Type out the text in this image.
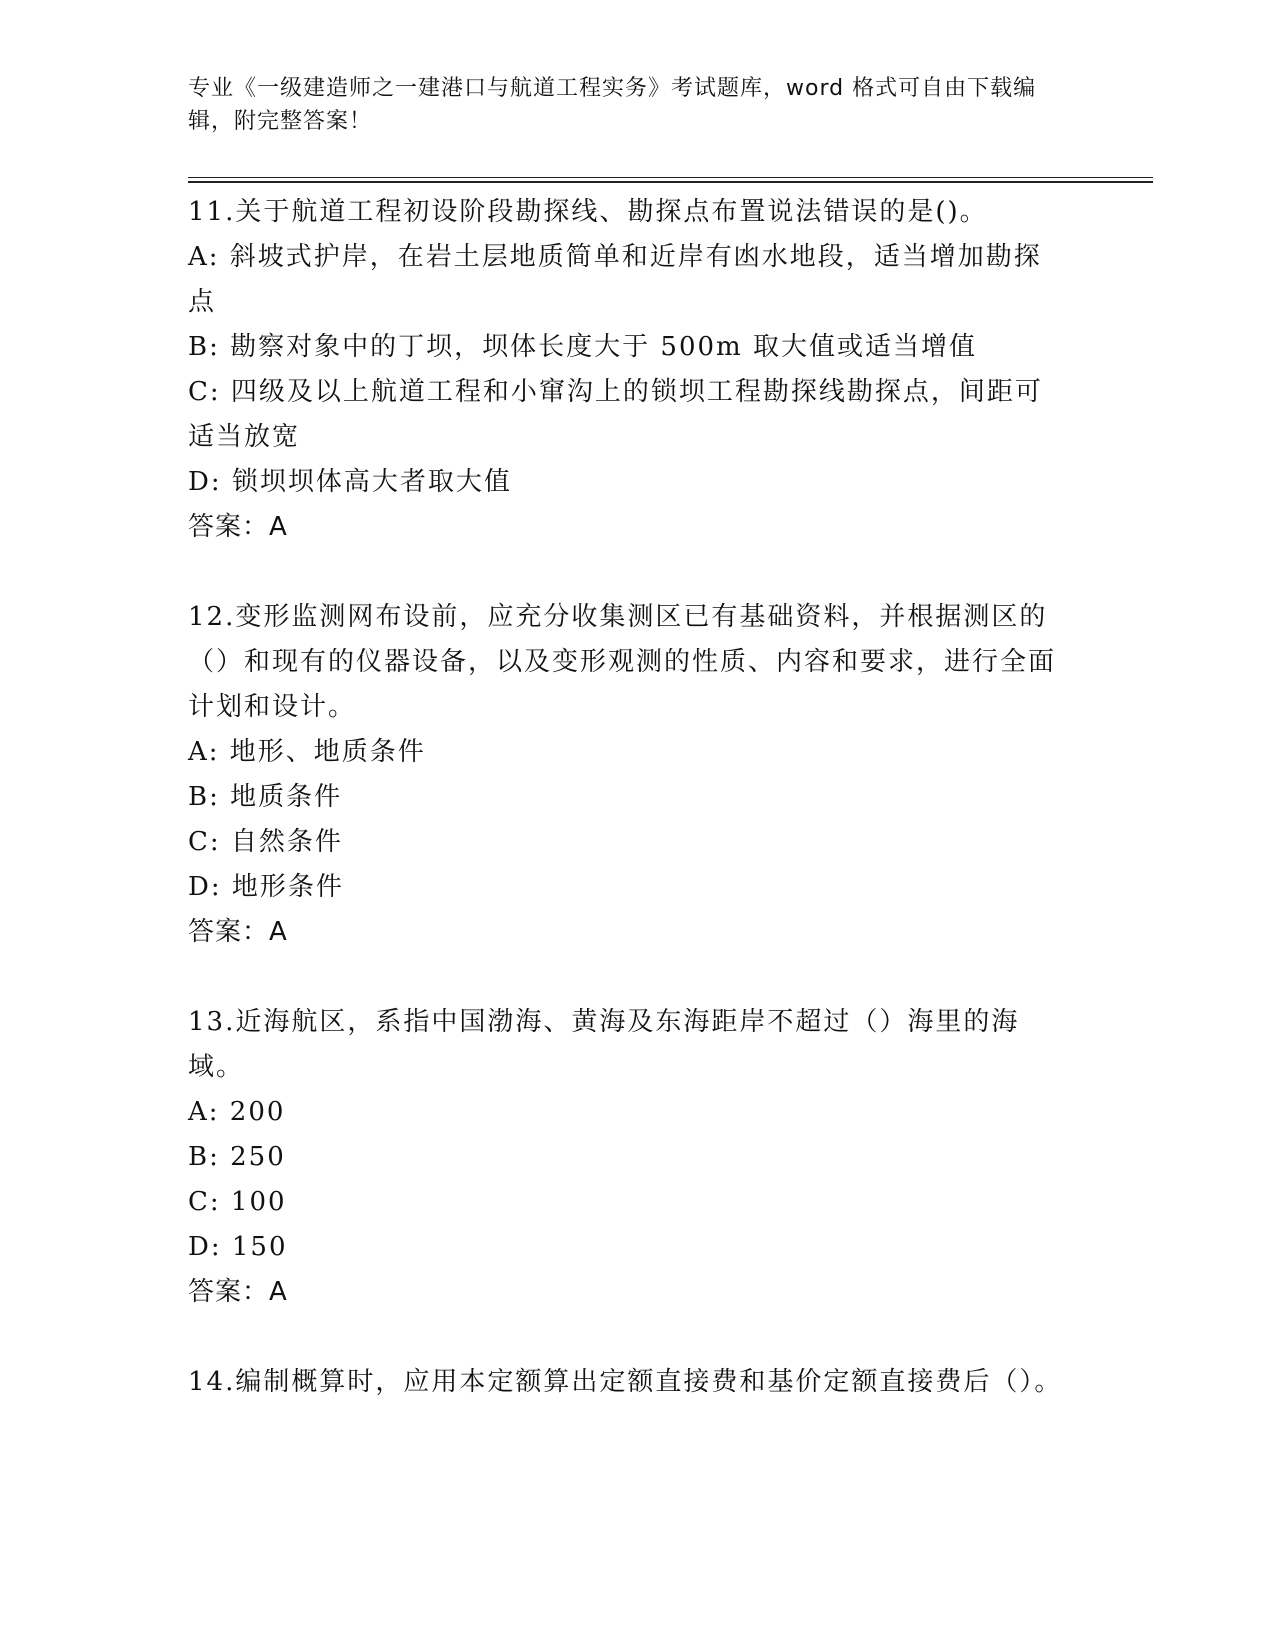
专业《一级建造师之一建港口与航道工程实务》考试题库，word 格式可自由下载编辑，附完整答案！

11.关于航道工程初设阶段勘探线、勘探点布置说法错误的是()。

A: 斜坡式护岸，在岩土层地质简单和近岸有凼水地段，适当增加勘探点

B: 勘察对象中的丁坝，坝体长度大于 500m 取大值或适当增值

C: 四级及以上航道工程和小窜沟上的锁坝工程勘探线勘探点，间距可适当放宽

D: 锁坝坝体高大者取大值

答案：A

12.变形监测网布设前，应充分收集测区已有基础资料，并根据测区的（）和现有的仪器设备，以及变形观测的性质、内容和要求，进行全面计划和设计。

A: 地形、地质条件

B: 地质条件

C: 自然条件

D: 地形条件

答案：A

13.近海航区，系指中国渤海、黄海及东海距岸不超过（）海里的海域。

A: 200

B: 250

C: 100

D: 150

答案：A

14.编制概算时，应用本定额算出定额直接费和基价定额直接费后（）。
